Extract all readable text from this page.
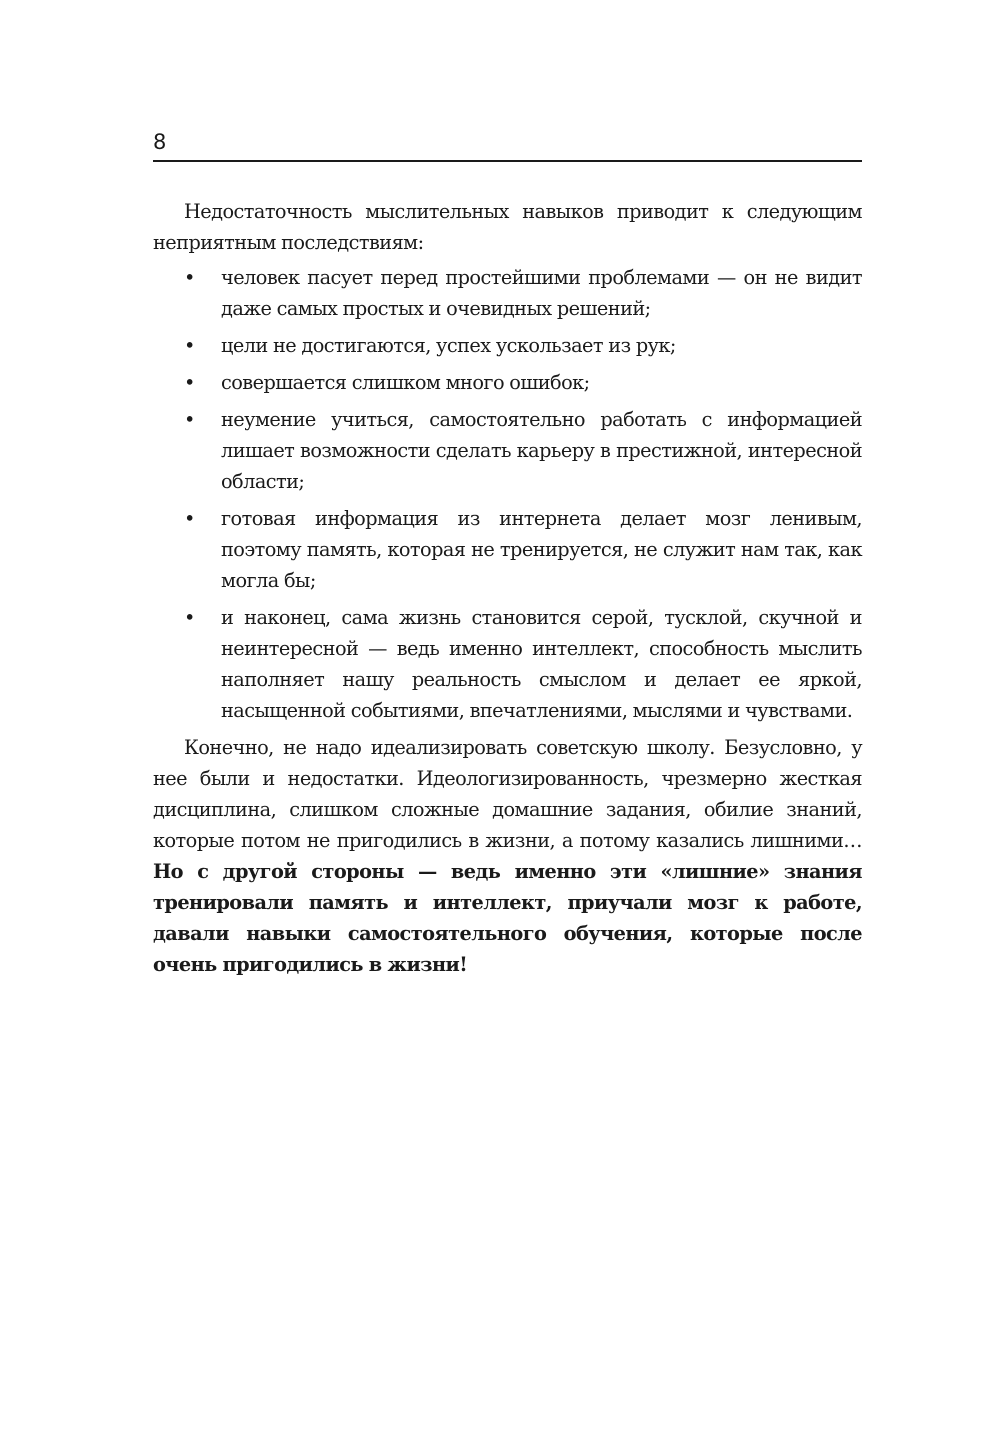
8

Недостаточность мыслительных навыков приводит к следующим неприятным последствиям:

• человек пасует перед простейшими проблемами — он не видит даже самых простых и очевидных решений;
• цели не достигаются, успех ускользает из рук;
• совершается слишком много ошибок;
• неумение учиться, самостоятельно работать с информацией лишает возможности сделать карьеру в престижной, интересной области;
• готовая информация из интернета делает мозг ленивым, поэтому память, которая не тренируется, не служит нам так, как могла бы;
• и наконец, сама жизнь становится серой, тусклой, скучной и неинтересной — ведь именно интеллект, способность мыслить наполняет нашу реальность смыслом и делает ее яркой, насыщенной событиями, впечатлениями, мыслями и чувствами.

Конечно, не надо идеализировать советскую школу. Безусловно, у нее были и недостатки. Идеологизированность, чрезмерно жесткая дисциплина, слишком сложные домашние задания, обилие знаний, которые потом не пригодились в жизни, а потому казались лишними… Но с другой стороны — ведь именно эти «лишние» знания тренировали память и интеллект, приучали мозг к работе, давали навыки самостоятельного обучения, которые после очень пригодились в жизни!
